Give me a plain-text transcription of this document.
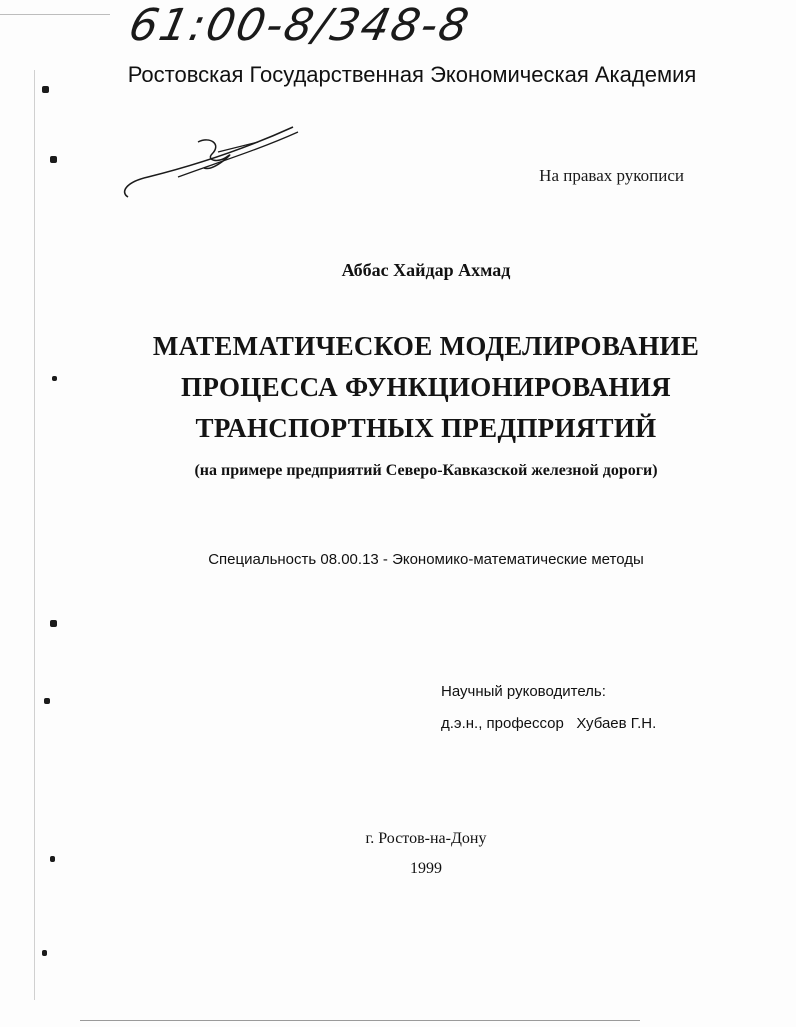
61:00-8/348-8
Ростовская Государственная Экономическая Академия
На правах рукописи
Аббас Хайдар Ахмад
МАТЕМАТИЧЕСКОЕ МОДЕЛИРОВАНИЕ
ПРОЦЕССА ФУНКЦИОНИРОВАНИЯ
ТРАНСПОРТНЫХ ПРЕДПРИЯТИЙ
(на примере предприятий Северо-Кавказской железной дороги)
Специальность 08.00.13 - Экономико-математические методы
Научный руководитель:
д.э.н., профессор   Хубаев Г.Н.
г. Ростов-на-Дону
1999
